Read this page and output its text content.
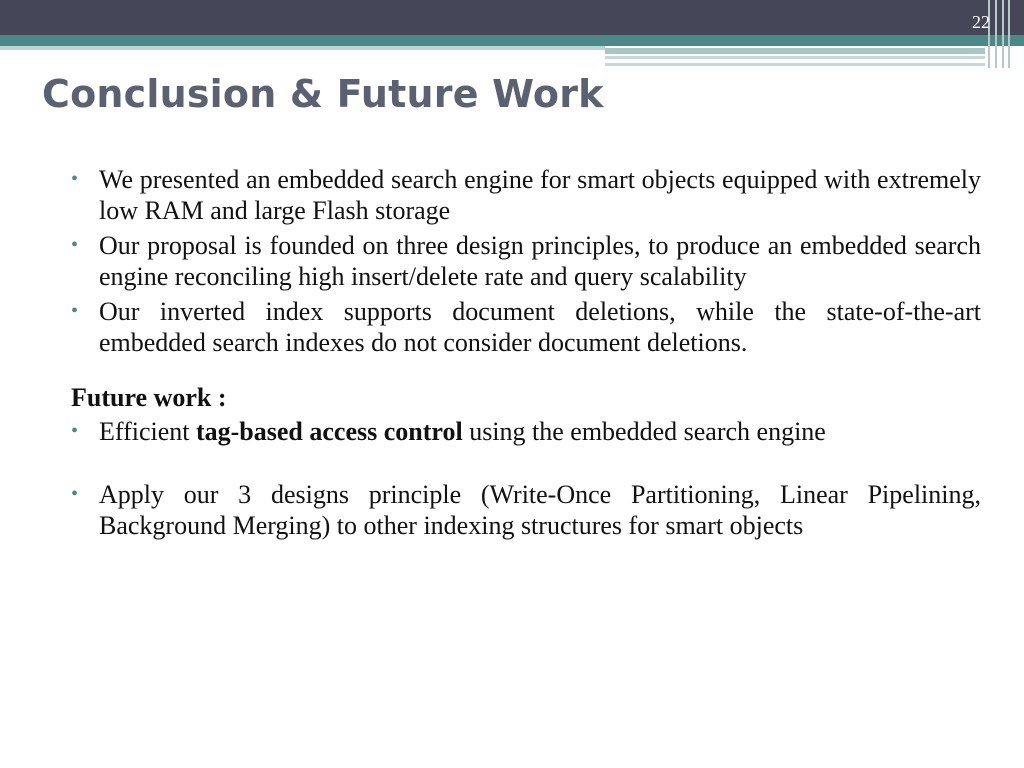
22
Conclusion & Future Work
• We presented an embedded search engine for smart objects equipped with extremely low RAM and large Flash storage
• Our proposal is founded on three design principles, to produce an embedded search engine reconciling high insert/delete rate and query scalability
• Our inverted index supports document deletions, while the state-of-the-art embedded search indexes do not consider document deletions.
Future work :
• Efficient tag-based access control using the embedded search engine
• Apply our 3 designs principle (Write-Once Partitioning, Linear Pipelining, Background Merging) to other indexing structures for smart objects
